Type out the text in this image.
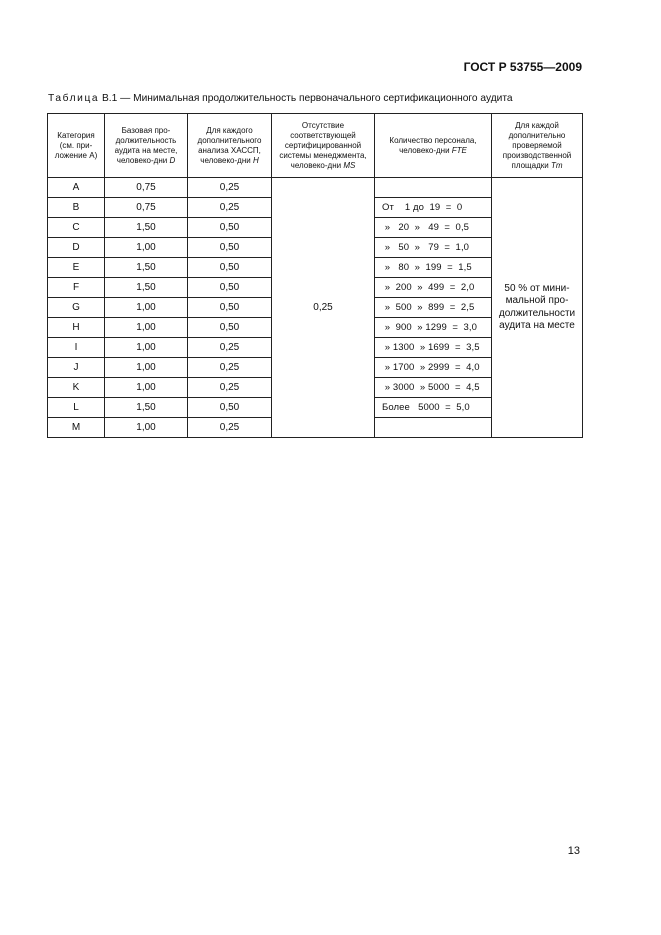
ГОСТ Р 53755—2009
Таблица В.1 — Минимальная продолжительность первоначального сертификационного аудита
Категория (см. приложение А)	Базовая продолжительность аудита на месте, человеко-дни D	Для каждого дополнительного анализа ХАССП, человеко-дни H	Отсутствие соответствующей сертифицированной системы менеджмента, человеко-дни MS	Количество персонала, человеко-дни FTE	Для каждой дополнительно проверяемой производственной площадки Tm
A	0,75	0,25	0,25		50 % от минимальной продолжительности аудита на месте
B	0,75	0,25		От    1 до  19  =  0	
C	1,50	0,50		»   20  »   49  =  0,5	
D	1,00	0,50		»   50  »   79  =  1,0	
E	1,50	0,50		»   80  »  199  =  1,5	
F	1,50	0,50		»  200  »  499  =  2,0	
G	1,00	0,50		»  500  »  899  =  2,5	
H	1,00	0,50		»  900  » 1299  =  3,0	
I	1,00	0,25		» 1300  » 1699  =  3,5	
J	1,00	0,25		» 1700  » 2999  =  4,0	
K	1,00	0,25		» 3000  » 5000  =  4,5	
L	1,50	0,50		Более   5000  =  5,0	
M	1,00	0,25			
13
